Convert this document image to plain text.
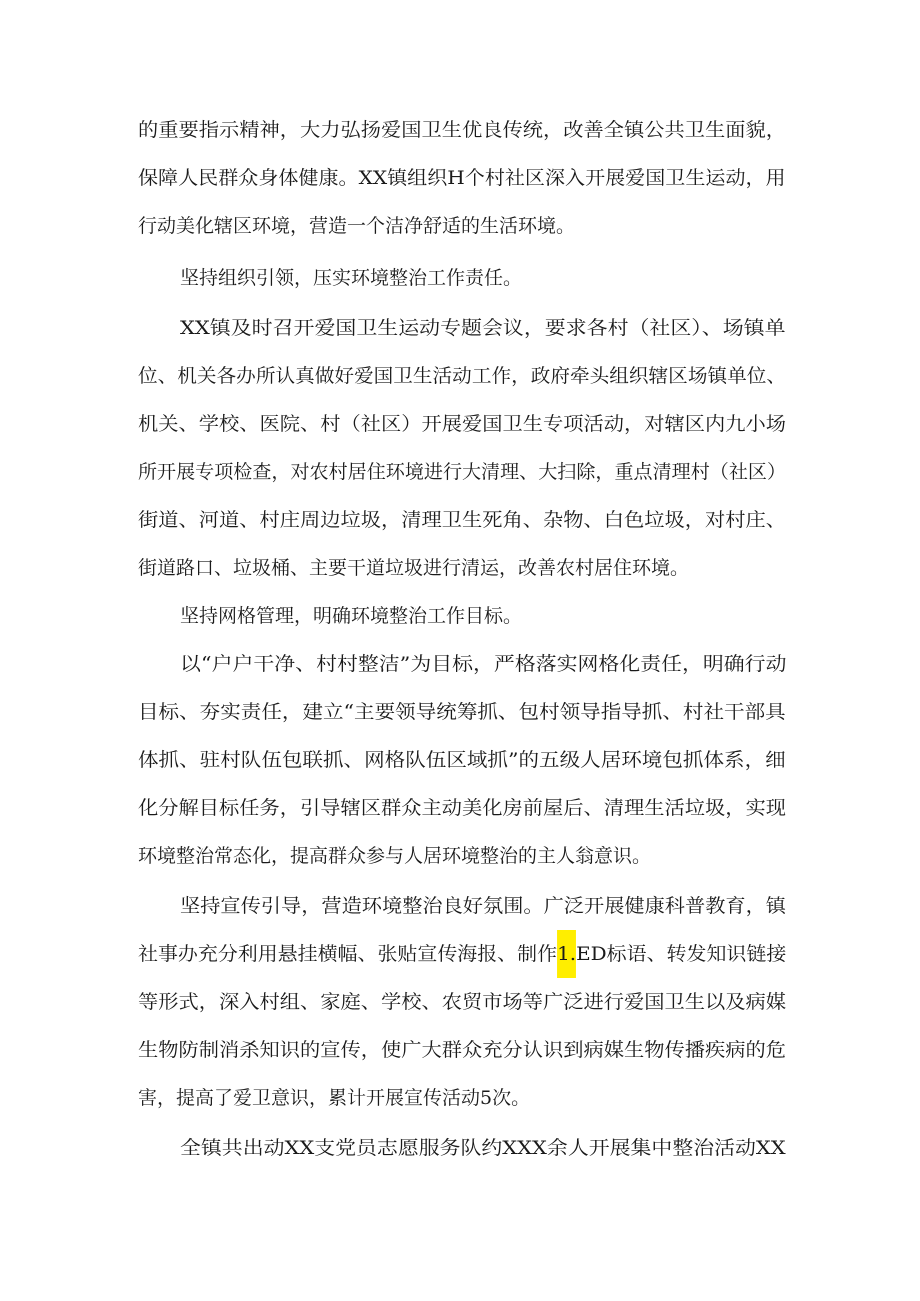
的重要指示精神，大力弘扬爱国卫生优良传统，改善全镇公共卫生面貌，
保障人民群众身体健康。XX镇组织H个村社区深入开展爱国卫生运动，用
行动美化辖区环境，营造一个洁净舒适的生活环境。
坚持组织引领，压实环境整治工作责任。
XX镇及时召开爱国卫生运动专题会议，要求各村（社区）、场镇单
位、机关各办所认真做好爱国卫生活动工作，政府牵头组织辖区场镇单位、
机关、学校、医院、村（社区）开展爱国卫生专项活动，对辖区内九小场
所开展专项检查，对农村居住环境进行大清理、大扫除，重点清理村（社区）
街道、河道、村庄周边垃圾，清理卫生死角、杂物、白色垃圾，对村庄、
街道路口、垃圾桶、主要干道垃圾进行清运，改善农村居住环境。
坚持网格管理，明确环境整治工作目标。
以“户户干净、村村整洁”为目标，严格落实网格化责任，明确行动
目标、夯实责任，建立“主要领导统筹抓、包村领导指导抓、村社干部具
体抓、驻村队伍包联抓、网格队伍区域抓”的五级人居环境包抓体系，细
化分解目标任务，引导辖区群众主动美化房前屋后、清理生活垃圾，实现
环境整治常态化，提高群众参与人居环境整治的主人翁意识。
坚持宣传引导，营造环境整治良好氛围。广泛开展健康科普教育，镇
社事办充分利用悬挂横幅、张贴宣传海报、制作1.ED标语、转发知识链接
等形式，深入村组、家庭、学校、农贸市场等广泛进行爱国卫生以及病媒
生物防制消杀知识的宣传，使广大群众充分认识到病媒生物传播疾病的危
害，提高了爱卫意识，累计开展宣传活动5次。
全镇共出动XX支党员志愿服务队约XXX余人开展集中整治活动XX
